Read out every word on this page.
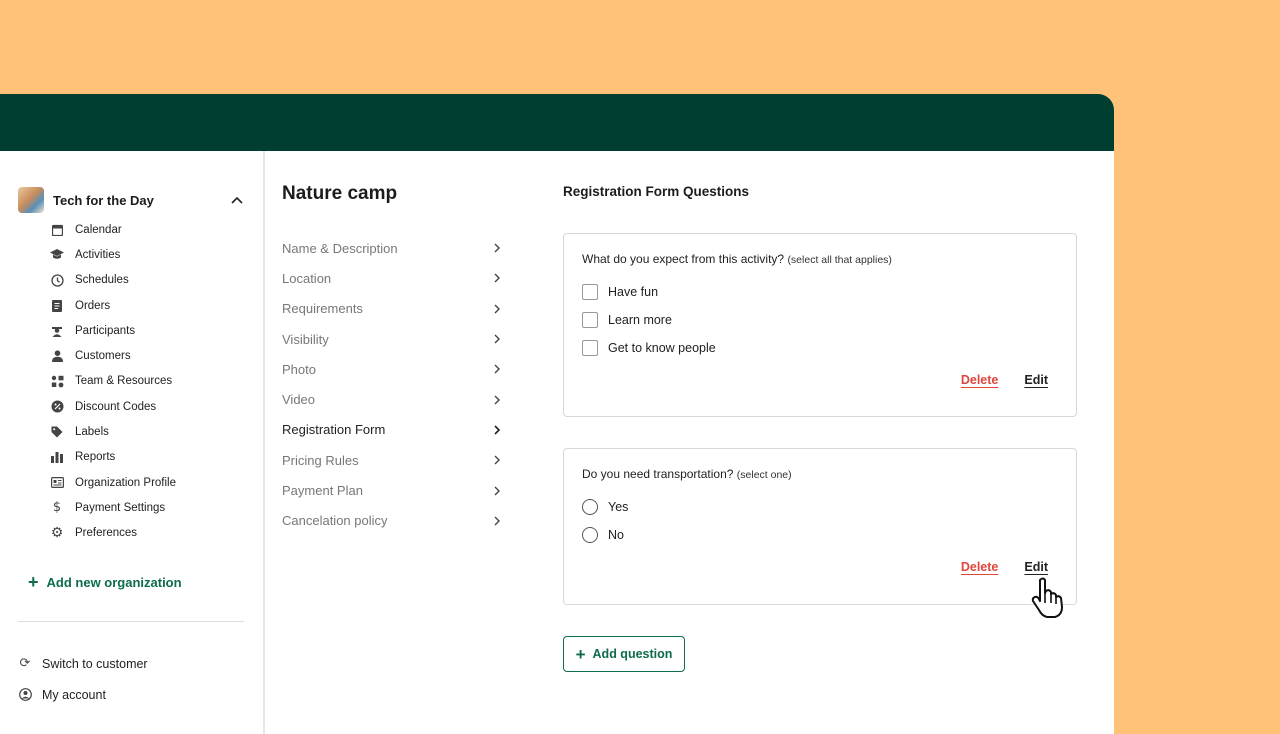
Tech for the Day
Calendar
Activities
Schedules
Orders
Participants
Customers
Team & Resources
Discount Codes
Labels
Reports
Organization Profile
$ Payment Settings
⚙ Preferences
+ Add new organization
⟳ Switch to customer
My account
Nature camp
Name & Description
Location
Requirements
Visibility
Photo
Video
Registration Form
Pricing Rules
Payment Plan
Cancelation policy
Registration Form Questions
What do you expect from this activity? (select all that applies)
Have fun
Learn more
Get to know people
Delete Edit
Do you need transportation? (select one)
Yes
No
Delete Edit
+ Add question
